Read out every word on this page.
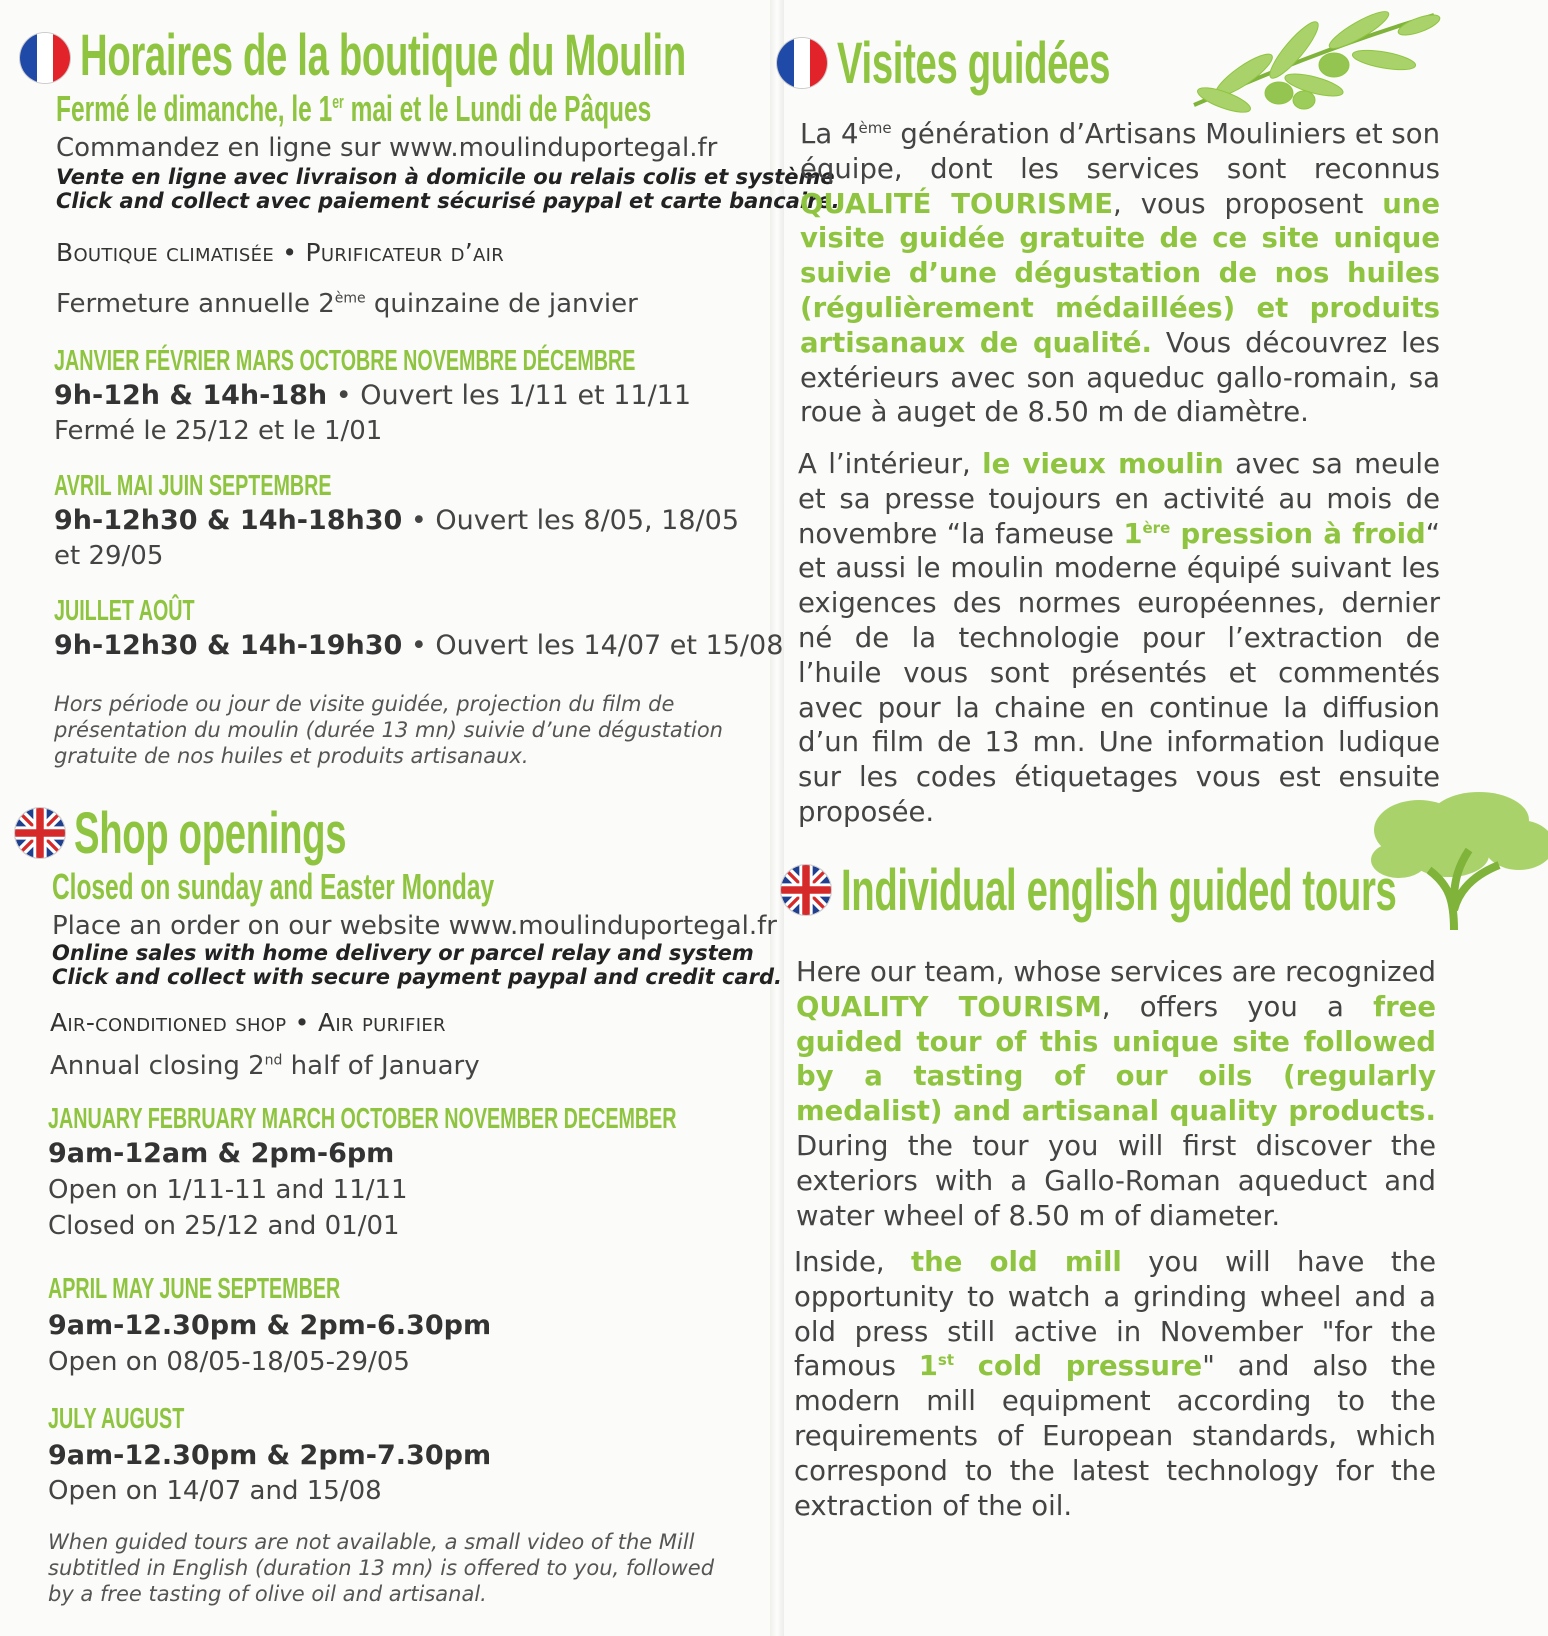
Horaires de la boutique du Moulin
Fermé le dimanche, le 1er mai et le Lundi de Pâques
Commandez en ligne sur www.moulinduportegal.fr
Vente en ligne avec livraison à domicile ou relais colis et système
Click and collect avec paiement sécurisé paypal et carte bancaire.
Boutique climatisée • Purificateur d’air
Fermeture annuelle 2ème quinzaine de janvier
JANVIER FÉVRIER MARS OCTOBRE NOVEMBRE DÉCEMBRE
9h-12h & 14h-18h • Ouvert les 1/11 et 11/11
Fermé le 25/12 et le 1/01
AVRIL MAI JUIN SEPTEMBRE
9h-12h30 & 14h-18h30 • Ouvert les 8/05, 18/05
et 29/05
JUILLET AOÛT
9h-12h30 & 14h-19h30 • Ouvert les 14/07 et 15/08
Hors période ou jour de visite guidée, projection du film de
présentation du moulin (durée 13 mn) suivie d’une dégustation
gratuite de nos huiles et produits artisanaux.
Shop openings
Closed on sunday and Easter Monday
Place an order on our website www.moulinduportegal.fr
Online sales with home delivery or parcel relay and system
Click and collect with secure payment paypal and credit card.
Air-conditioned shop • Air purifier
Annual closing 2nd half of January
JANUARY FEBRUARY MARCH OCTOBER NOVEMBER DECEMBER
9am-12am & 2pm-6pm
Open on 1/11-11 and 11/11
Closed on 25/12 and 01/01
APRIL MAY JUNE SEPTEMBER
9am-12.30pm & 2pm-6.30pm
Open on 08/05-18/05-29/05
JULY AUGUST
9am-12.30pm & 2pm-7.30pm
Open on 14/07 and 15/08
When guided tours are not available, a small video of the Mill
subtitled in English (duration 13 mn) is offered to you, followed
by a free tasting of olive oil and artisanal.
Visites guidées
La 4ème génération d’Artisans Mouliniers et son équipe, dont les services sont reconnus QUALITÉ TOURISME, vous proposent une visite guidée gratuite de ce site unique suivie d’une dégustation de nos huiles (régulièrement médaillées) et produits artisanaux de qualité. Vous découvrez les extérieurs avec son aqueduc gallo-romain, sa roue à auget de 8.50 m de diamètre.
A l’intérieur, le vieux moulin avec sa meule et sa presse toujours en activité au mois de novembre “la fameuse 1ère pression à froid“ et aussi le moulin moderne équipé suivant les exigences des normes européennes, dernier né de la technologie pour l’extraction de l’huile vous sont présentés et commentés avec pour la chaine en continue la diffusion d’un film de 13 mn. Une information ludique sur les codes étiquetages vous est ensuite proposée.
Individual english guided tours
Here our team, whose services are recognized QUALITY TOURISM, offers you a free guided tour of this unique site followed by a tasting of our oils (regularly medalist) and artisanal quality products. During the tour you will first discover the exteriors with a Gallo-Roman aqueduct and water wheel of 8.50 m of diameter.
Inside, the old mill you will have the opportunity to watch a grinding wheel and a old press still active in November "for the famous 1st cold pressure" and also the modern mill equipment according to the requirements of European standards, which correspond to the latest technology for the extraction of the oil.
